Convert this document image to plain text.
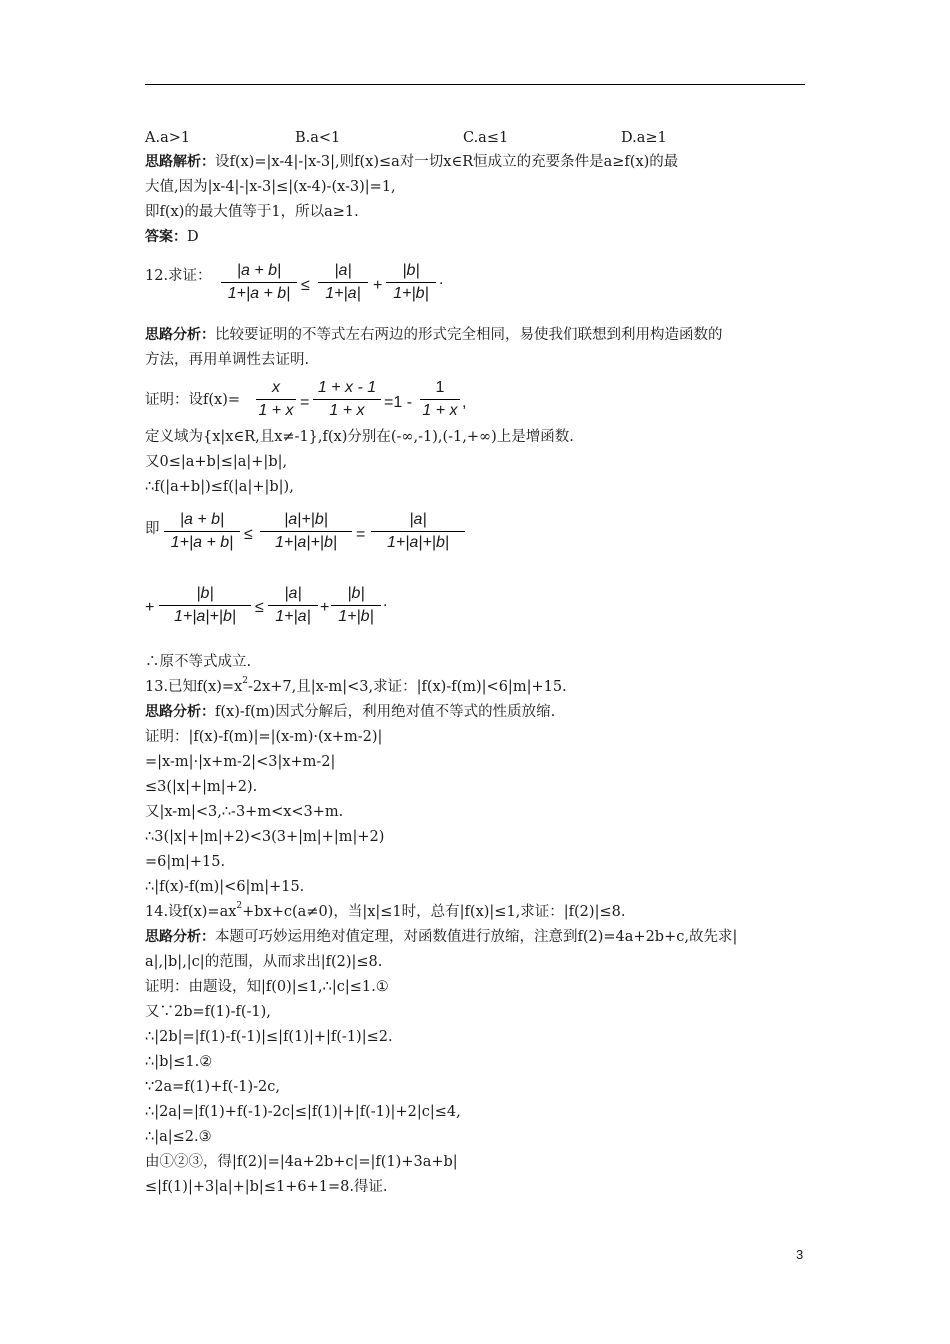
A.a>1	B.a<1	C.a≤1	D.a≥1
思路解析：设f(x)=|x-4|-|x-3|,则f(x)≤a对一切x∈R恒成立的充要条件是a≥f(x)的最
大值,因为|x-4|-|x-3|≤|(x-4)-(x-3)|=1,
即f(x)的最大值等于1，所以a≥1.
答案：D
12.求证：	|a + b|
1+|a + b| ≤
|a|
1+|a| +
|b|
1+|b|
.
思路分析：比较要证明的不等式左右两边的形式完全相同，易使我们联想到利用构造函数的
方法，再用单调性去证明.
证明：设f(x)=
x
1 + x =
1 + x - 1
1 + x	=1 -
1
1 + x ,
定义域为{x|x∈R,且x≠-1},f(x)分别在(-∞,-1),(-1,+∞)上是增函数.
又0≤|a+b|≤|a|+|b|,
∴f(|a+b|)≤f(|a|+|b|),
即
|a + b|
1+|a + b| ≤
|a|+|b|
1+|a|+|b|	=
|a|
1+|a|+|b|
+
|b|
1+|a|+|b|
≤
|a|
1+|a|
+
|b|
1+|b|
.
∴原不等式成立.
13.已知$f(x)=x^2-2x+7$,且|x-m|<3,求证：|f(x)-f(m)|<6|m|+15.
思路分析：f(x)-f(m)因式分解后，利用绝对值不等式的性质放缩.
证明：|f(x)-f(m)|=|(x-m)·(x+m-2)|
=|x-m|·|x+m-2|<3|x+m-2|
≤3(|x|+|m|+2).
又|x-m|<3,∴-3+m<x<3+m.
∴3(|x|+|m|+2)<3(3+|m|+|m|+2)
=6|m|+15.
∴|f(x)-f(m)|<6|m|+15.
14.设$f(x)=ax^2+bx+c(a\ne 0)$，当|x|≤1时，总有|f(x)|≤1,求证：|f(2)|≤8.
思路分析：本题可巧妙运用绝对值定理，对函数值进行放缩，注意到f(2)=4a+2b+c,故先求|
a|,|b|,|c|的范围，从而求出|f(2)|≤8.
证明：由题设，知|f(0)|≤1,∴|c|≤1.①
又∵2b=f(1)-f(-1),
∴|2b|=|f(1)-f(-1)|≤|f(1)|+|f(-1)|≤2.
∴|b|≤1.②
∵2a=f(1)+f(-1)-2c,
∴|2a|=|f(1)+f(-1)-2c|≤|f(1)|+|f(-1)|+2|c|≤4,
∴|a|≤2.③
由①②③，得|f(2)|=|4a+2b+c|=|f(1)+3a+b|
≤|f(1)|+3|a|+|b|≤1+6+1=8.得证.
3
